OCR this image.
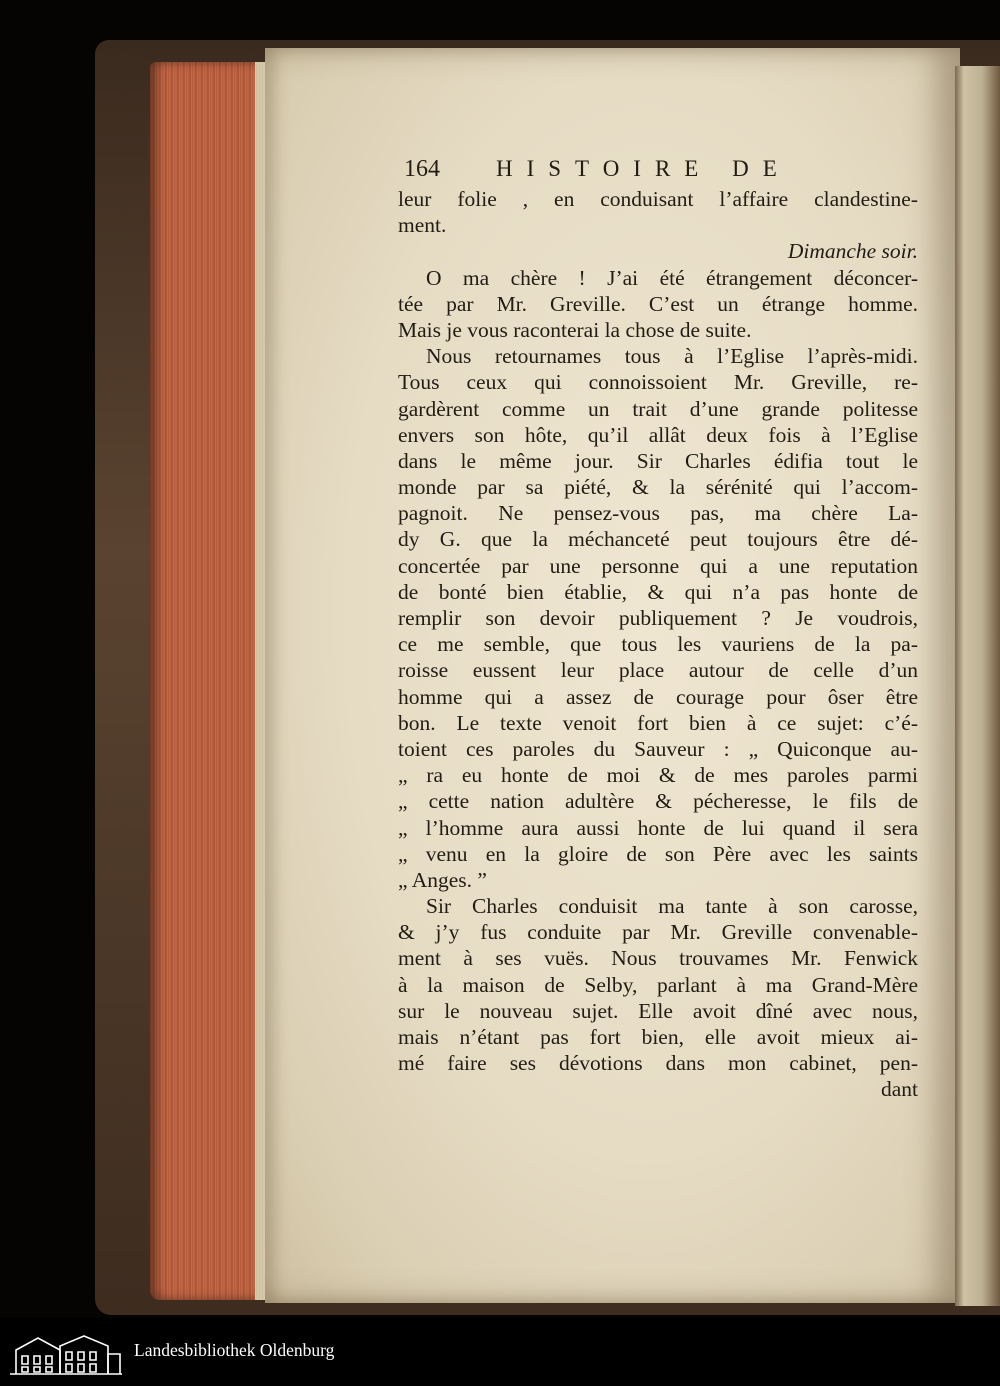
164 HISTOIRE DE
leur folie , en conduisant l’affaire clandestine-
ment.
Dimanche soir.
O ma chère ! J’ai été étrangement déconcer-
tée par Mr. Greville. C’est un étrange homme.
Mais je vous raconterai la chose de suite.
Nous retournames tous à l’Eglise l’après-midi.
Tous ceux qui connoissoient Mr. Greville, re-
gardèrent comme un trait d’une grande politesse
envers son hôte, qu’il allât deux fois à l’Eglise
dans le même jour. Sir Charles édifia tout le
monde par sa piété, & la sérénité qui l’accom-
pagnoit. Ne pensez-vous pas, ma chère La-
dy G. que la méchanceté peut toujours être dé-
concertée par une personne qui a une reputation
de bonté bien établie, & qui n’a pas honte de
remplir son devoir publiquement ? Je voudrois,
ce me semble, que tous les vauriens de la pa-
roisse eussent leur place autour de celle d’un
homme qui a assez de courage pour ôser être
bon. Le texte venoit fort bien à ce sujet: c’é-
toient ces paroles du Sauveur : „ Quiconque au-
„ ra eu honte de moi & de mes paroles parmi
„ cette nation adultère & pécheresse, le fils de
„ l’homme aura aussi honte de lui quand il sera
„ venu en la gloire de son Père avec les saints
„ Anges. ”
Sir Charles conduisit ma tante à son carosse,
& j’y fus conduite par Mr. Greville convenable-
ment à ses vuës. Nous trouvames Mr. Fenwick
à la maison de Selby, parlant à ma Grand-Mère
sur le nouveau sujet. Elle avoit dîné avec nous,
mais n’étant pas fort bien, elle avoit mieux ai-
mé faire ses dévotions dans mon cabinet, pen-
dant
Landesbibliothek Oldenburg
